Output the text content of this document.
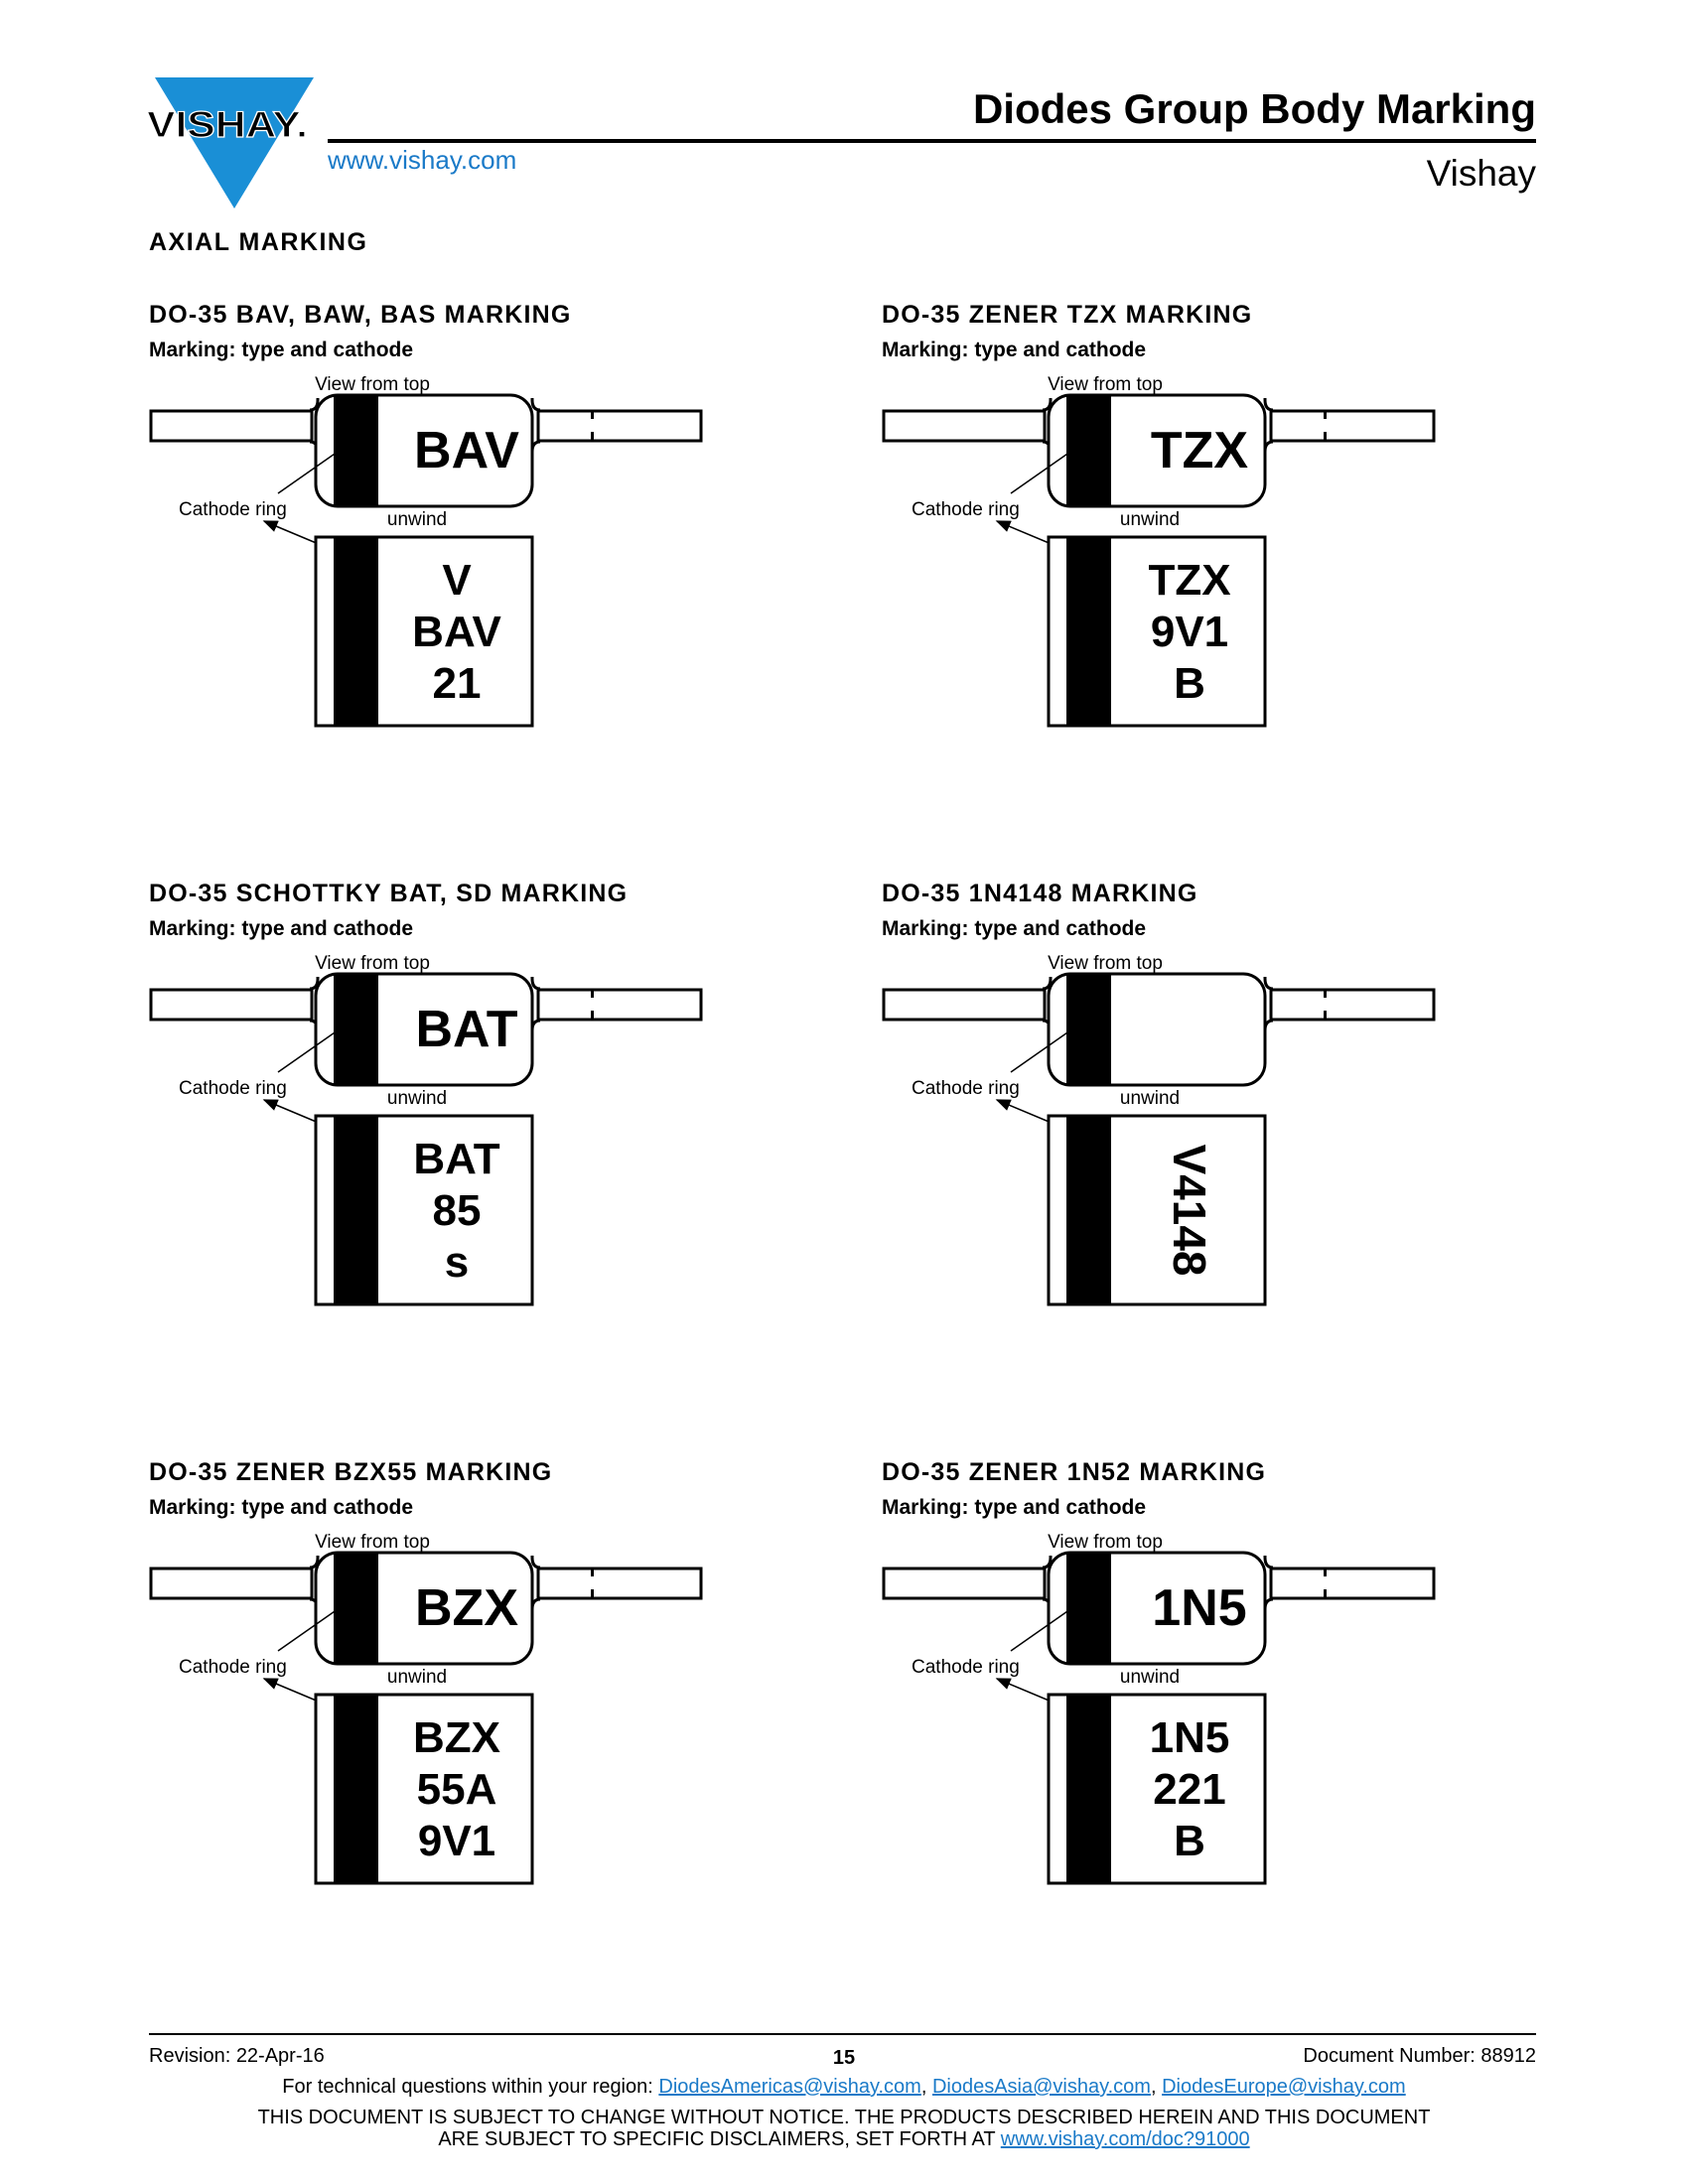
VISHAY.
www.vishay.com
Diodes Group Body Marking
Vishay
AXIAL MARKING
DO-35 BAV, BAW, BAS MARKING
Marking: type and cathode
View from top
BAV
Cathode ring	unwind
V
BAV
21
DO-35 ZENER TZX MARKING
Marking: type and cathode
View from top
TZX
Cathode ring	unwind
TZX
9V1
B
DO-35 SCHOTTKY BAT, SD MARKING
Marking: type and cathode
View from top
BAT
Cathode ring	unwind
BAT
85
s
DO-35 1N4148 MARKING
Marking: type and cathode
View from top
Cathode ring	unwind
V4148
DO-35 ZENER BZX55 MARKING
Marking: type and cathode
View from top
BZX
Cathode ring	unwind
BZX
55A
9V1
DO-35 ZENER 1N52 MARKING
Marking: type and cathode
View from top
1N5
Cathode ring	unwind
1N5
221
B
Revision: 22-Apr-16	15	Document Number: 88912
For technical questions within your region: DiodesAmericas@vishay.com, DiodesAsia@vishay.com, DiodesEurope@vishay.com
THIS DOCUMENT IS SUBJECT TO CHANGE WITHOUT NOTICE. THE PRODUCTS DESCRIBED HEREIN AND THIS DOCUMENT
ARE SUBJECT TO SPECIFIC DISCLAIMERS, SET FORTH AT www.vishay.com/doc?91000
